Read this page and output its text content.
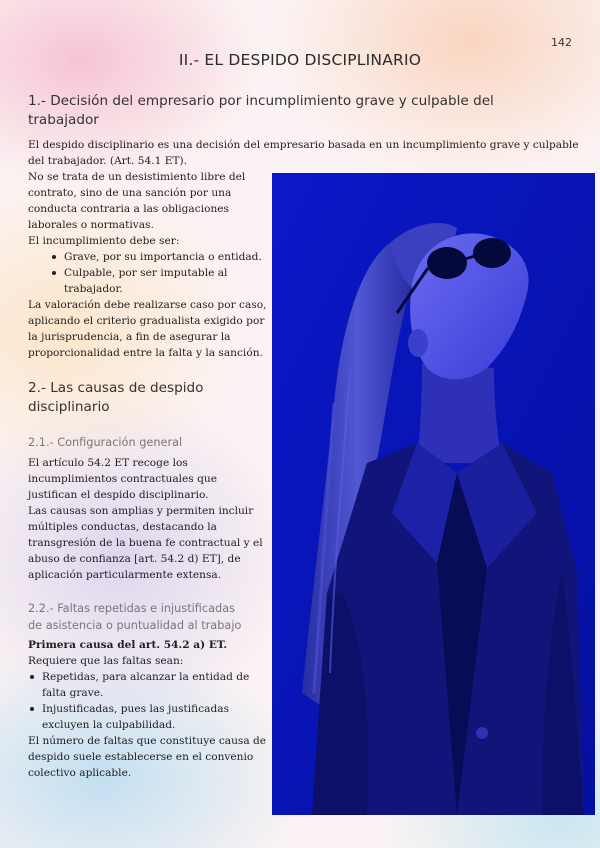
142
II.- EL DESPIDO DISCIPLINARIO
1.- Decisión del empresario por incumplimiento grave y culpable del
trabajador

El despido disciplinario es una decisión del empresario basada en un incumplimiento grave y culpable
del trabajador. (Art. 54.1 ET).

No se trata de un desistimiento libre del
contrato, sino de una sanción por una
conducta contraria a las obligaciones
laborales o normativas.
El incumplimiento debe ser:

Grave, por su importancia o entidad.
Culpable, por ser imputable al
trabajador.

La valoración debe realizarse caso por caso,
aplicando el criterio gradualista exigido por
la jurisprudencia, a fin de asegurar la
proporcionalidad entre la falta y la sanción.

2.- Las causas de despido
disciplinario
2.1.- Configuración general

El artículo 54.2 ET recoge los
incumplimientos contractuales que
justifican el despido disciplinario.
Las causas son amplias y permiten incluir
múltiples conductas, destacando la
transgresión de la buena fe contractual y el
abuso de confianza [art. 54.2 d) ET], de
aplicación particularmente extensa.

2.2.- Faltas repetidas e injustificadas
de asistencia o puntualidad al trabajo

Primera causa del art. 54.2 a) ET.
Requiere que las faltas sean:

Repetidas, para alcanzar la entidad de
falta grave.
Injustificadas, pues las justificadas
excluyen la culpabilidad.

El número de faltas que constituye causa de
despido suele establecerse en el convenio
colectivo aplicable.
